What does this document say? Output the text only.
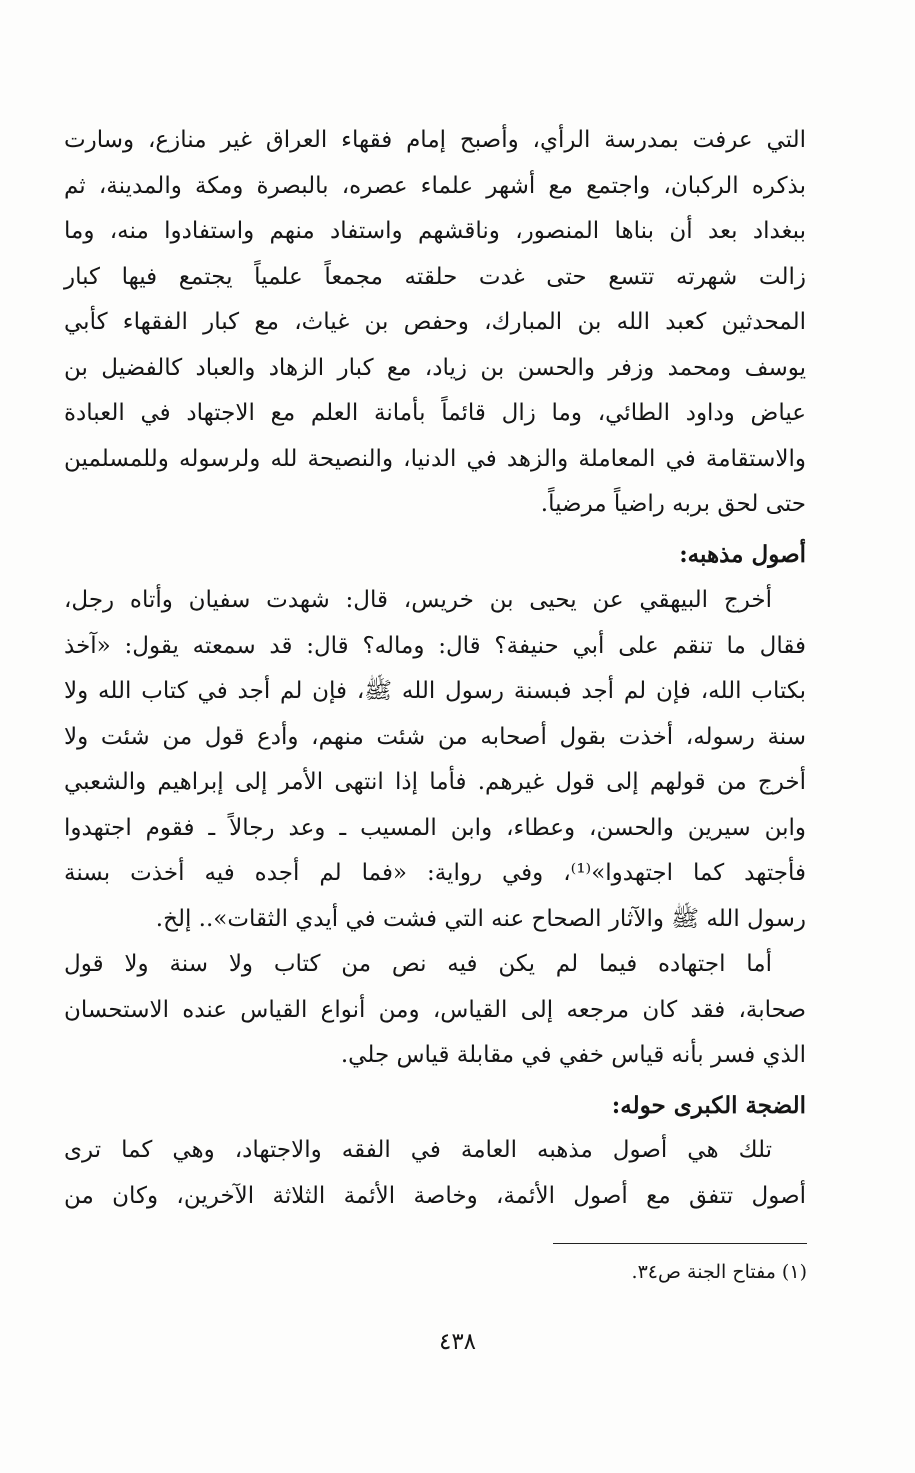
التي عرفت بمدرسة الرأي، وأصبح إمام فقهاء العراق غير منازع، وسارت
بذكره الركبان، واجتمع مع أشهر علماء عصره، بالبصرة ومكة والمدينة، ثم
ببغداد بعد أن بناها المنصور، وناقشهم واستفاد منهم واستفادوا منه، وما
زالت شهرته تتسع حتى غدت حلقته مجمعاً علمياً يجتمع فيها كبار
المحدثين كعبد الله بن المبارك، وحفص بن غياث، مع كبار الفقهاء كأبي
يوسف ومحمد وزفر والحسن بن زياد، مع كبار الزهاد والعباد كالفضيل بن
عياض وداود الطائي، وما زال قائماً بأمانة العلم مع الاجتهاد في العبادة
والاستقامة في المعاملة والزهد في الدنيا، والنصيحة لله ولرسوله وللمسلمين
حتى لحق بربه راضياً مرضياً.
أصول مذهبه:
أخرج البيهقي عن يحيى بن خريس، قال: شهدت سفيان وأتاه رجل،
فقال ما تنقم على أبي حنيفة؟ قال: وماله؟ قال: قد سمعته يقول: «آخذ
بكتاب الله، فإن لم أجد فبسنة رسول الله ﷺ، فإن لم أجد في كتاب الله ولا
سنة رسوله، أخذت بقول أصحابه من شئت منهم، وأدع قول من شئت ولا
أخرج من قولهم إلى قول غيرهم. فأما إذا انتهى الأمر إلى إبراهيم والشعبي
وابن سيرين والحسن، وعطاء، وابن المسيب ـ وعد رجالاً ـ فقوم اجتهدوا
فأجتهد كما اجتهدوا»⁽¹⁾، وفي رواية: «فما لم أجده فيه أخذت بسنة
رسول الله ﷺ والآثار الصحاح عنه التي فشت في أيدي الثقات».. إلخ.
أما اجتهاده فيما لم يكن فيه نص من كتاب ولا سنة ولا قول
صحابة، فقد كان مرجعه إلى القياس، ومن أنواع القياس عنده الاستحسان
الذي فسر بأنه قياس خفي في مقابلة قياس جلي.
الضجة الكبرى حوله:
تلك هي أصول مذهبه العامة في الفقه والاجتهاد، وهي كما ترى
أصول تتفق مع أصول الأئمة، وخاصة الأئمة الثلاثة الآخرين، وكان من
(١) مفتاح الجنة ص٣٤.
٤٣٨
